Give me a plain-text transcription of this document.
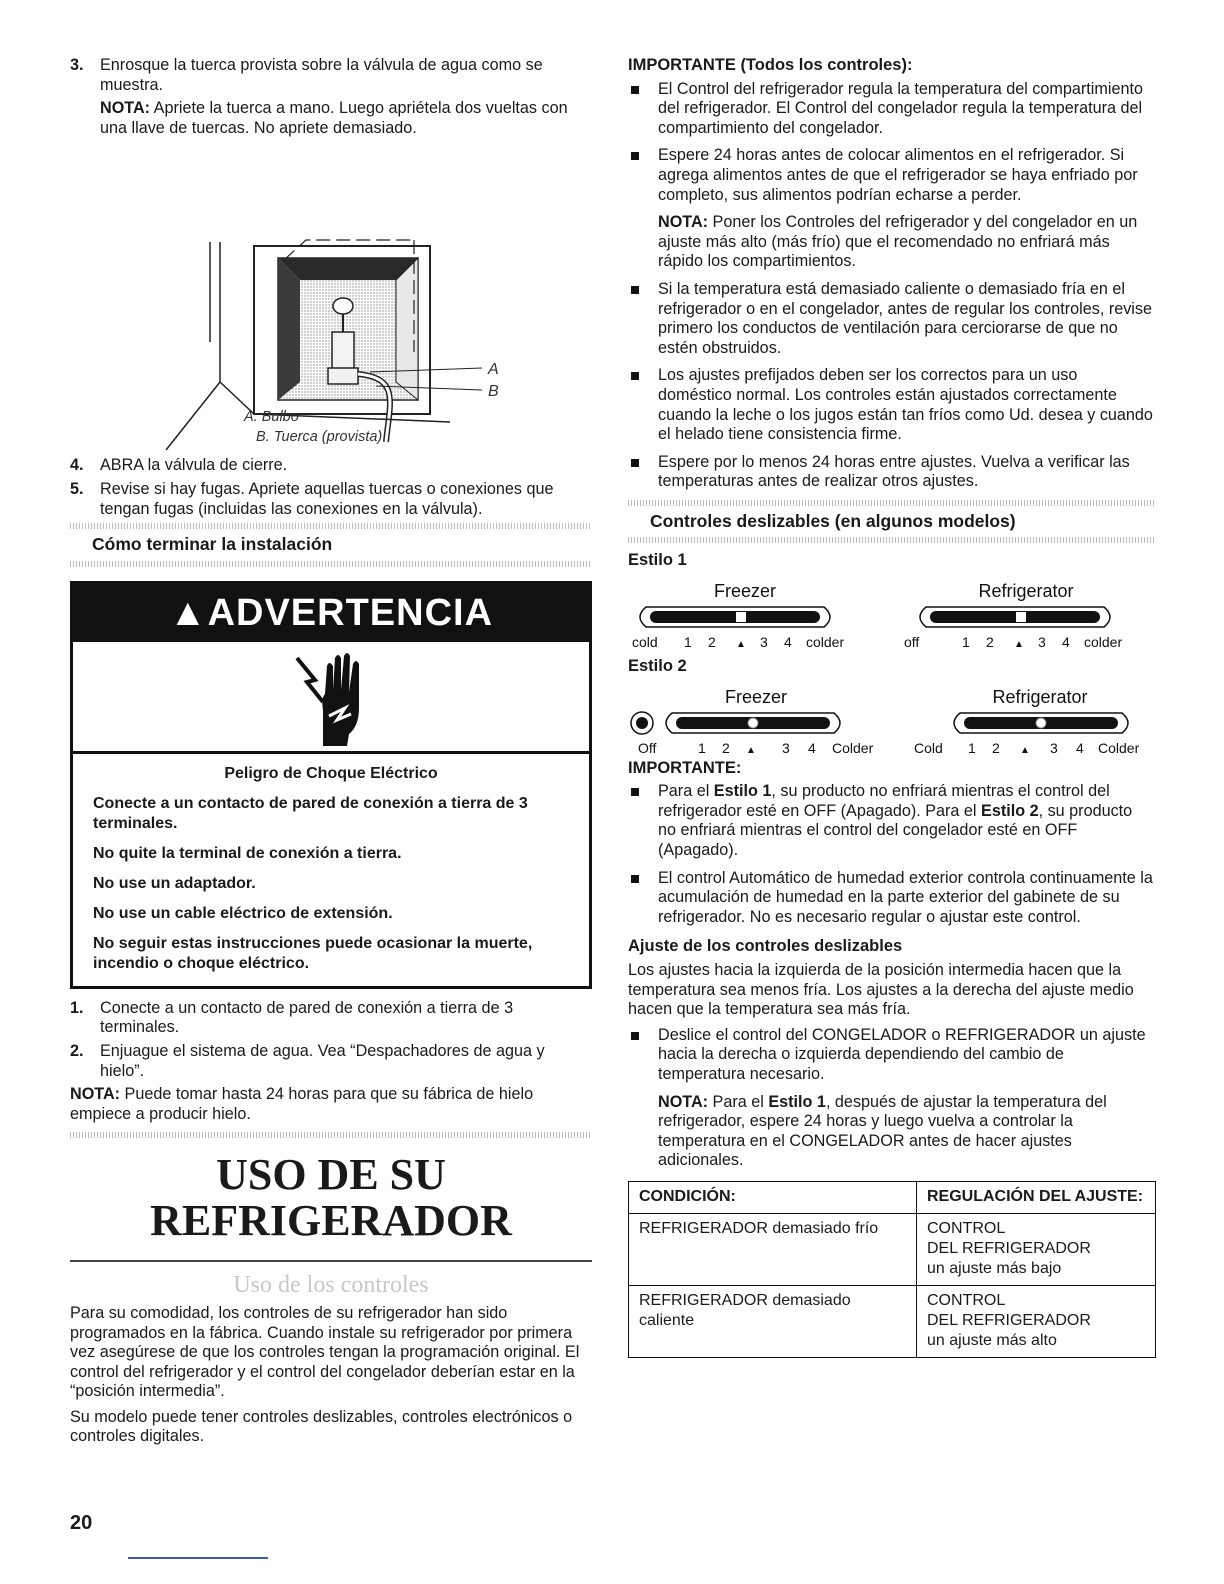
3. Enrosque la tuerca provista sobre la válvula de agua como se muestra.

NOTA: Apriete la tuerca a mano. Luego apriétela dos vueltas con una llave de tuercas. No apriete demasiado.

A
B
A. Bulbo
B. Tuerca (provista)
4. ABRA la válvula de cierre.

5. Revise si hay fugas. Apriete aquellas tuercas o conexiones que tengan fugas (incluidas las conexiones en la válvula).

Cómo terminar la instalación
▲ADVERTENCIA
Peligro de Choque Eléctrico

Conecte a un contacto de pared de conexión a tierra de 3 terminales.

No quite la terminal de conexión a tierra.

No use un adaptador.

No use un cable eléctrico de extensión.

No seguir estas instrucciones puede ocasionar la muerte, incendio o choque eléctrico.

1. Conecte a un contacto de pared de conexión a tierra de 3 terminales.

2. Enjuague el sistema de agua. Vea “Despachadores de agua y hielo”.

NOTA: Puede tomar hasta 24 horas para que su fábrica de hielo empiece a producir hielo.

USO DE SU
REFRIGERADOR
Uso de los controles

Para su comodidad, los controles de su refrigerador han sido programados en la fábrica. Cuando instale su refrigerador por primera vez asegúrese de que los controles tengan la programación original. El control del refrigerador y el control del congelador deberían estar en la “posición intermedia”.

Su modelo puede tener controles deslizables, controles electrónicos o controles digitales.

IMPORTANTE (Todos los controles):

El Control del refrigerador regula la temperatura del compartimiento del refrigerador. El Control del congelador regula la temperatura del compartimiento del congelador.

Espere 24 horas antes de colocar alimentos en el refrigerador. Si agrega alimentos antes de que el refrigerador se haya enfriado por completo, sus alimentos podrían echarse a perder.

NOTA: Poner los Controles del refrigerador y del congelador en un ajuste más alto (más frío) que el recomendado no enfriará más rápido los compartimientos.

Si la temperatura está demasiado caliente o demasiado fría en el refrigerador o en el congelador, antes de regular los controles, revise primero los conductos de ventilación para cerciorarse de que no estén obstruidos.

Los ajustes prefijados deben ser los correctos para un uso doméstico normal. Los controles están ajustados correctamente cuando la leche o los jugos están tan fríos como Ud. desea y cuando el helado tiene consistencia firme.

Espere por lo menos 24 horas entre ajustes. Vuelva a verificar las temperaturas antes de realizar otros ajustes.

Controles deslizables (en algunos modelos)
Estilo 1
Freezer	Refrigerator
cold 1 2 ▲ 3 4 colder	off	1 2 ▲ 3 4 colder
Estilo 2
Freezer	Refrigerator
Off	1 2 ▲ 3 4 Colder	Cold 1 2 ▲ 3 4 Colder
IMPORTANTE:

Para el Estilo 1, su producto no enfriará mientras el control del refrigerador esté en OFF (Apagado). Para el Estilo 2, su producto no enfriará mientras el control del congelador esté en OFF (Apagado).

El control Automático de humedad exterior controla continuamente la acumulación de humedad en la parte exterior del gabinete de su refrigerador. No es necesario regular o ajustar este control.

Ajuste de los controles deslizables

Los ajustes hacia la izquierda de la posición intermedia hacen que la temperatura sea menos fría. Los ajustes a la derecha del ajuste medio hacen que la temperatura sea más fría.

Deslice el control del CONGELADOR o REFRIGERADOR un ajuste hacia la derecha o izquierda dependiendo del cambio de temperatura necesario.

NOTA: Para el Estilo 1, después de ajustar la temperatura del refrigerador, espere 24 horas y luego vuelva a controlar la temperatura en el CONGELADOR antes de hacer ajustes adicionales.

CONDICIÓN:	REGULACIÓN DEL AJUSTE:
REFRIGERADOR demasiado frío	CONTROL
DEL REFRIGERADOR
un ajuste más bajo

REFRIGERADOR demasiado caliente	CONTROL
DEL REFRIGERADOR
un ajuste más alto
20
